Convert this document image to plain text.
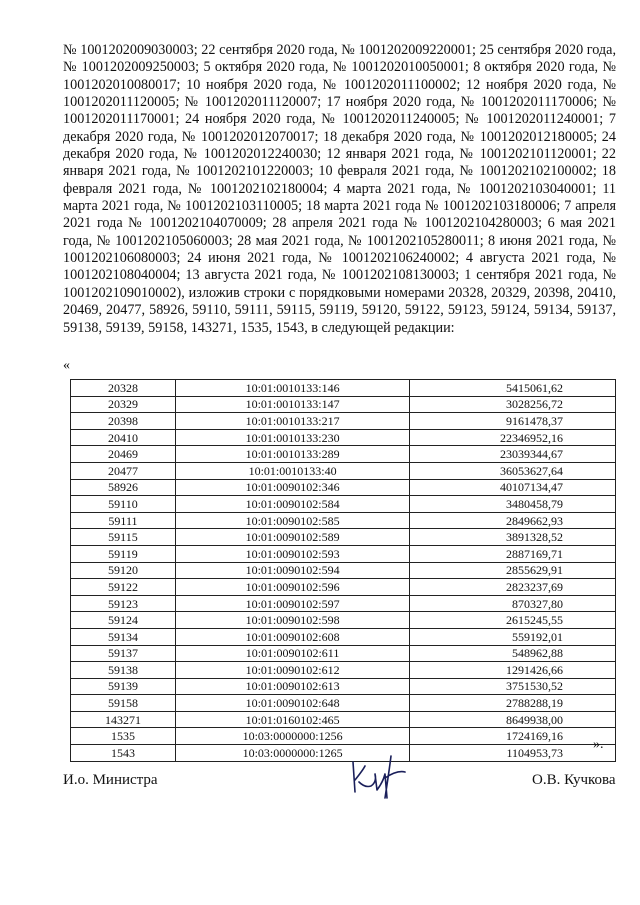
№ 1001202009030003; 22 сентября 2020 года, № 1001202009220001; 25 сентября 2020 года, № 1001202009250003; 5 октября 2020 года, № 1001202010050001; 8 октября 2020 года, № 1001202010080017; 10 ноября 2020 года, № 1001202011100002; 12 ноября 2020 года, № 1001202011120005; № 1001202011120007; 17 ноября 2020 года, № 1001202011170006; № 1001202011170001; 24 ноября 2020 года, № 1001202011240005; № 1001202011240001; 7 декабря 2020 года, № 1001202012070017; 18 декабря 2020 года, № 1001202012180005; 24 декабря 2020 года, № 1001202012240030; 12 января 2021 года, № 1001202101120001; 22 января 2021 года, № 1001202101220003; 10 февраля 2021 года, № 1001202102100002; 18 февраля 2021 года, № 1001202102180004; 4 марта 2021 года, № 1001202103040001; 11 марта 2021 года, № 1001202103110005; 18 марта 2021 года № 1001202103180006; 7 апреля 2021 года № 1001202104070009; 28 апреля 2021 года № 1001202104280003; 6 мая 2021 года, № 1001202105060003; 28 мая 2021 года, № 1001202105280011; 8 июня 2021 года, № 1001202106080003; 24 июня 2021 года, № 1001202106240002; 4 августа 2021 года, № 1001202108040004; 13 августа 2021 года, № 1001202108130003; 1 сентября 2021 года, № 1001202109010002), изложив строки с порядковыми номерами 20328, 20329, 20398, 20410, 20469, 20477, 58926, 59110, 59111, 59115, 59119, 59120, 59122, 59123, 59124, 59134, 59137, 59138, 59139, 59158, 143271, 1535, 1543, в следующей редакции:

«
20328	10:01:0010133:146	5415061,62
20329	10:01:0010133:147	3028256,72
20398	10:01:0010133:217	9161478,37
20410	10:01:0010133:230	22346952,16
20469	10:01:0010133:289	23039344,67
20477	10:01:0010133:40	36053627,64
58926	10:01:0090102:346	40107134,47
59110	10:01:0090102:584	3480458,79
59111	10:01:0090102:585	2849662,93
59115	10:01:0090102:589	3891328,52
59119	10:01:0090102:593	2887169,71
59120	10:01:0090102:594	2855629,91
59122	10:01:0090102:596	2823237,69
59123	10:01:0090102:597	870327,80
59124	10:01:0090102:598	2615245,55
59134	10:01:0090102:608	559192,01
59137	10:01:0090102:611	548962,88
59138	10:01:0090102:612	1291426,66
59139	10:01:0090102:613	3751530,52
59158	10:01:0090102:648	2788288,19
143271	10:01:0160102:465	8649938,00
1535	10:03:0000000:1256	1724169,16
1543	10:03:0000000:1265	1104953,73
».
И.о. Министра	О.В. Кучкова
